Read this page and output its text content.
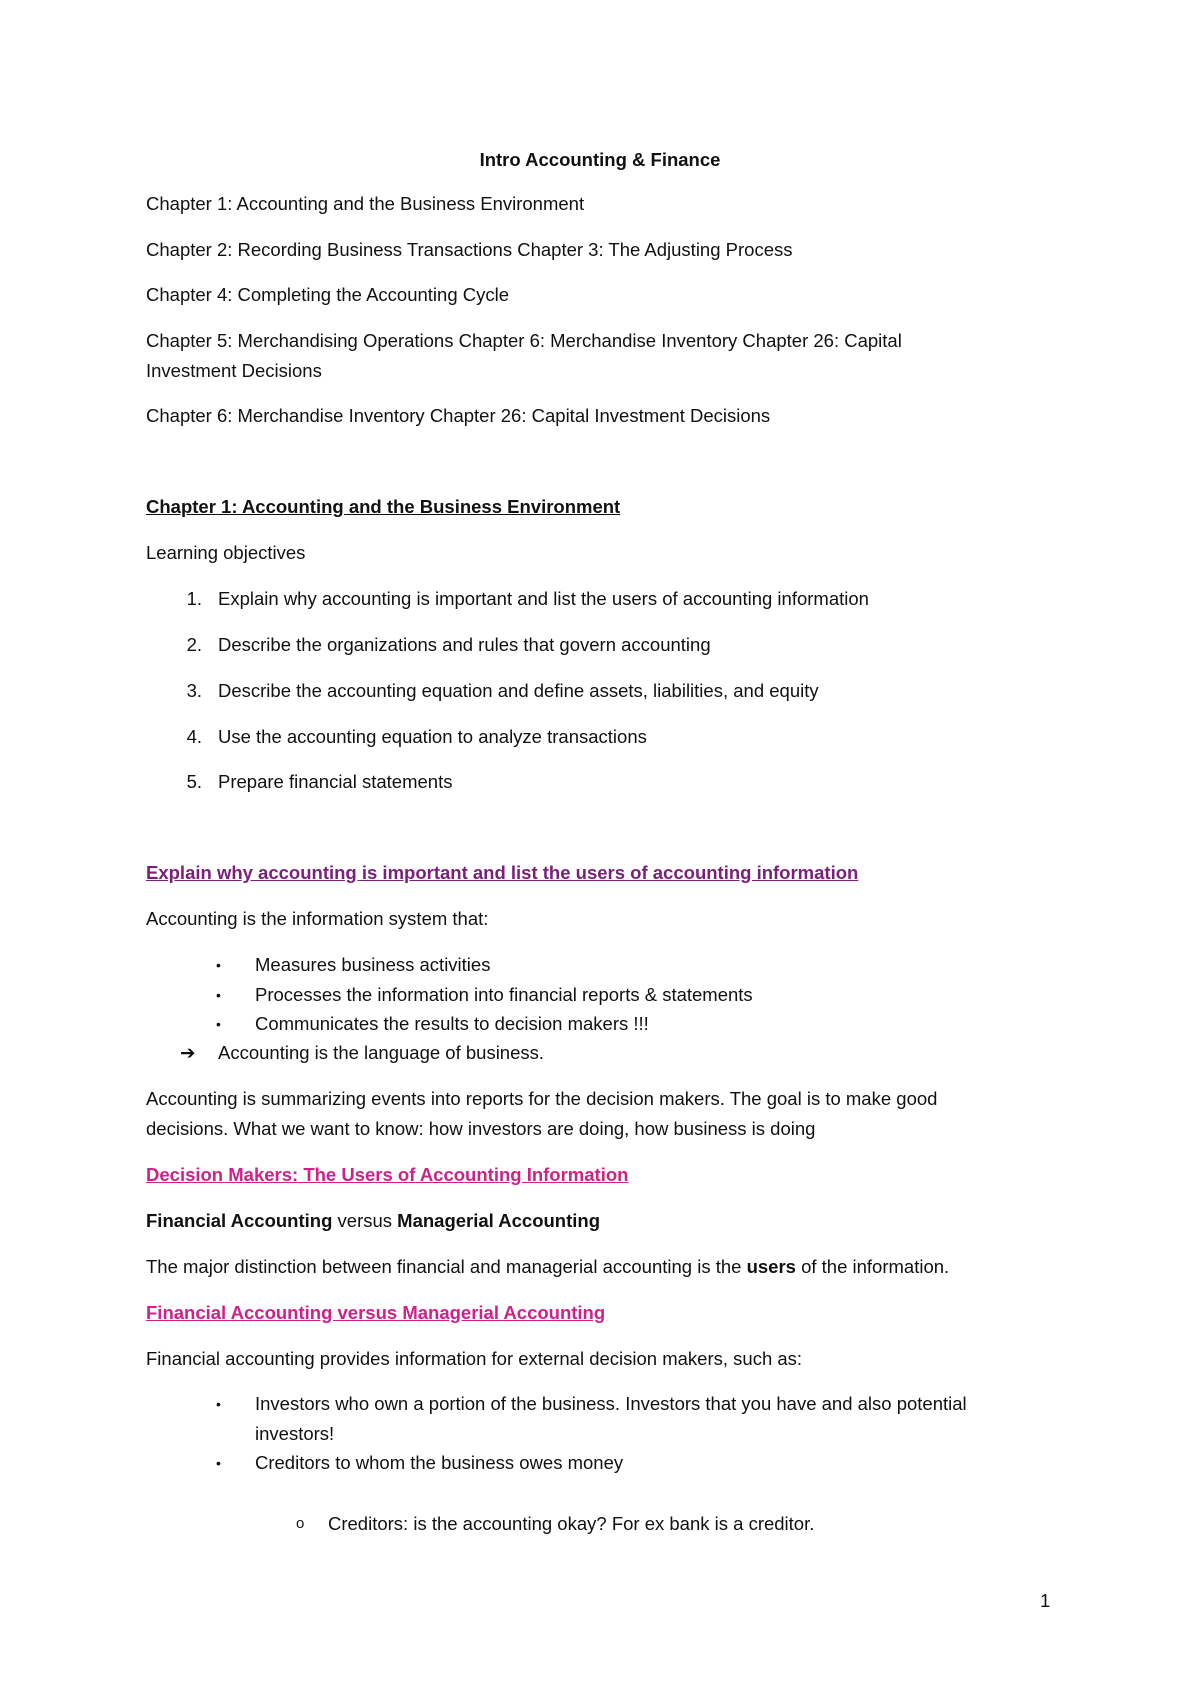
Intro Accounting & Finance
Chapter 1: Accounting and the Business Environment
Chapter 2: Recording Business Transactions Chapter 3: The Adjusting Process
Chapter 4: Completing the Accounting Cycle
Chapter 5: Merchandising Operations Chapter 6: Merchandise Inventory Chapter 26: Capital
Investment Decisions
Chapter 6: Merchandise Inventory Chapter 26: Capital Investment Decisions
Chapter 1: Accounting and the Business Environment
Learning objectives
1. Explain why accounting is important and list the users of accounting information
2. Describe the organizations and rules that govern accounting
3. Describe the accounting equation and define assets, liabilities, and equity
4. Use the accounting equation to analyze transactions
5. Prepare financial statements
Explain why accounting is important and list the users of accounting information
Accounting is the information system that:
• Measures business activities
• Processes the information into financial reports & statements
• Communicates the results to decision makers !!!
➔ Accounting is the language of business.
Accounting is summarizing events into reports for the decision makers. The goal is to make good
decisions. What we want to know: how investors are doing, how business is doing
Decision Makers: The Users of Accounting Information
Financial Accounting versus Managerial Accounting
The major distinction between financial and managerial accounting is the users of the information.
Financial Accounting versus Managerial Accounting
Financial accounting provides information for external decision makers, such as:
• Investors who own a portion of the business. Investors that you have and also potential
investors!
• Creditors to whom the business owes money
o Creditors: is the accounting okay? For ex bank is a creditor.
1
